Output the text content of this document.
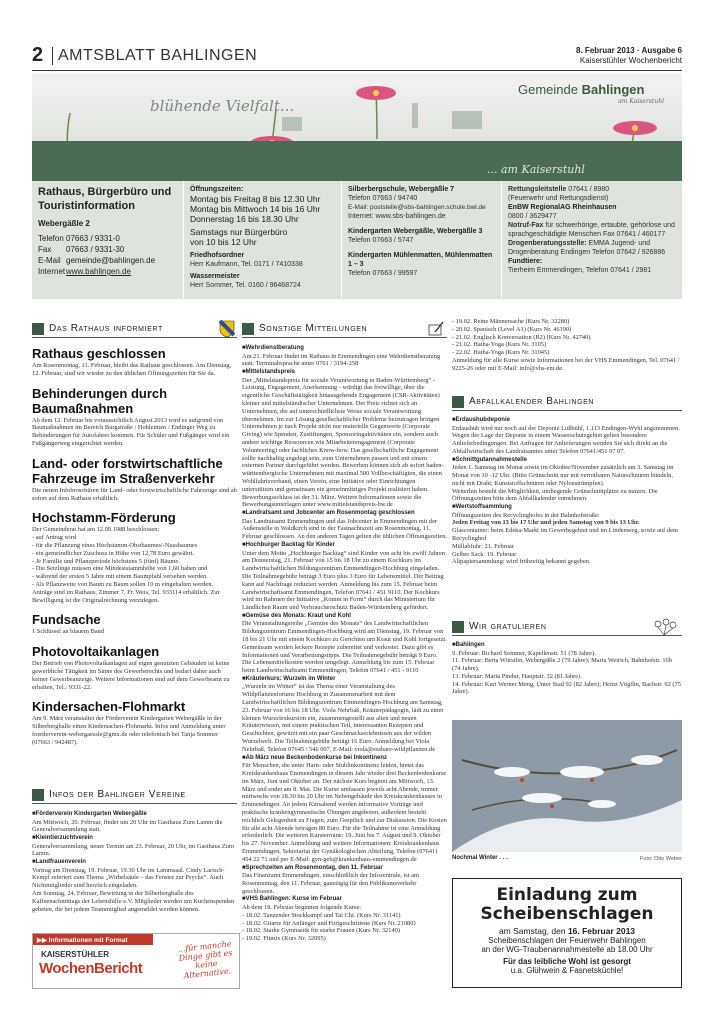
2 AMTSBLATT BAHLINGEN	8. Februar 2013 · Ausgabe 6
Kaiserstühler Wochenbericht
blühende Vielfalt...
... am Kaiserstuhl
Gemeinde Bahlingen
am Kaiserstuhl
Rathaus, Bürgerbüro und Touristinformation
Webergäßle 2
Telefon 07663 / 9331-0
Fax	07663 / 9331-30
E-Mail gemeinde@bahlingen.de
Internet www.bahlingen.de
Öffnungszeiten:
Montag bis Freitag 8 bis 12.30 Uhr
Montag bis Mittwoch 14 bis 16 Uhr
Donnerstag 16 bis 18.30 Uhr
Samstags nur Bürgerbüro
von 10 bis 12 Uhr
Friedhofsordner
Herr Kaufmann, Tel. 0171 / 7410338
Wassermeister
Herr Sommer, Tel. 0160 / 96468724
Silberbergschule, Webergäßle 7
Telefon 07663 / 94740
E-Mail: poststelle@sbs-bahlingen.schule.bwl.de
Internet: www.sbs-bahlingen.de
Kindergarten Webergäßle, Webergäßle 3
Telefon 07663 / 5747
Kindergarten Mühlenmatten, Mühlenmatten 1 – 3
Telefon 07663 / 99597
Rettungsleitstelle 07641 / 8980
(Feuerwehr und Rettungsdienst)
EnBW RegionalAG Rheinhausen
0800 / 3629477
Notruf-Fax für schwerhörige, ertaubte, gehörlose und sprachgeschädigte Menschen Fax 07641 / 460177
Drogenberatungsstelle: EMMA Jugend- und Drogenberatung Endingen Telefon 07642 / 926886
Fundtiere:
Tierheim Emmendingen, Telefon 07641 / 2981
Das Rathaus informiert	Sonstige Mitteilungen
Infos der Bahlinger Vereine
Abfallkalender Bahlingen
Wir gratulieren
Rathaus geschlossen
Am Rosenmontag, 11. Februar, bleibt das Rathaus geschlossen. Am Dienstag, 12. Februar, sind wir wieder zu den üblichen Öffnungszeiten für Sie da.
Behinderungen durch Baumaßnahmen
Ab dem 12. Februar bis voraussichtlich August 2013 wird es aufgrund von Baumaßnahmen im Bereich Burgstraße / Hohleimen / Endinger Weg zu Behinderungen für Autofahrer kommen. Für Schüler und Fußgänger wird ein Fußgängerweg eingerichtet werden.
Land- oder forstwirtschaftliche Fahrzeuge im Straßenverkehr
Die neuen Infobroschüren für Land- oder forstwirtschaftliche Fahrzeuge sind ab sofort auf dem Rathaus erhältlich.
Hochstamm-Förderung
Der Gemeinderat hat am 12.09.1988 beschlossen:
- auf Antrag wird
- für die Pflanzung eines Hochstamm-Obstbaumes/-Nussbaumes
- ein gemeindlicher Zuschuss in Höhe von 12,78 Euro gewährt.
- Je Familie und Pflanzperiode höchstens 5 (fünf) Bäume.
- Die Setzlinge müssen eine Mindeststammhöhe von 1,60 haben und
- während der ersten 5 Jahre mit einem Baumpfahl versehen werden.
- Als Pflanzweite von Baum zu Baum sollen 10 m eingehalten werden.
Anträge sind im Rathaus, Zimmer 7, Fr. Weis, Tel. 933114 erhältlich. Zur Bewilligung ist die Originalrechnung vorzulegen.
Fundsache
1 Schlüssel an blauem Band
Photovoltaikanlagen
Der Betrieb von Photovoltaikanlagen auf eigen genutzten Gebäuden ist keine gewerbliche Tätigkeit im Sinne des Gewerberechts und bedarf daher auch keiner Gewerbeanzeige. Weitere Informationen sind auf dem Gewerbeamt zu erhalten, Tel.: 9331-22.
Kindersachen-Flohmarkt
Am 9. März veranstaltet der Förderverein Kindergarten Webergäßle in der Silberberghalle einen Kindersachen-Flohmarkt. Infos und Anmeldung unter foerderverein-webergaessle@gmx.de oder telefonisch bei Tanja Sommer (07663 / 942487).
■ Förderverein Kindergarten Webergäßle
Am Mittwoch, 20. Februar, findet um 20 Uhr im Gasthaus Zum Lamm die Generalversammlung statt.
■ Kleintierzuchtverein
Generalversammlung, neuer Termin am 23. Februar, 20 Uhr, im Gasthaus Zum Lamm.
■ Landfrauenverein
Vortrag am Dienstag, 19. Februar, 19.30 Uhr im Lammsaal. Cindy Larisch-Kempf referiert zum Thema „Wirbelsäule – das Fenster zur Psyche“. Auch Nichtmitglieder sind herzlich eingeladen.
Am Sonntag, 24. Februar, Bewirtung in der Silberberghalle des Kaffeenachmittags der Lebenshilfe e.V. Mitglieder werden um Kuchenspenden gebeten, die bei jedem Teammitglied angemeldet werden können.
▶▶ Informationen mit Format
KAISERSTÜHLER
WochenBericht
...für manche Dinge gibt es keine Alternative.
■ Wehrdienstberatung
Am 21. Februar findet im Rathaus in Emmendingen eine Wehrdienstberatung statt. Terminabsprache unter 0761 / 3194-258
■ Mittelstandspreis
Der „Mittelstandspreis für soziale Verantwortung in Baden-Württemberg“ - Leistung, Engagement, Anerkennung - würdigt das freiwillige, über die eigentliche Geschäftstätigkeit hinausgehende Engagement (CSR-Aktivitäten) kleiner und mittelständischer Unternehmen. Der Preis richtet sich an Unternehmen, die auf unterschiedlichste Weise soziale Verantwortung übernehmen. Im zur Lösung gesellschaftlicher Probleme beizutragen bringen Unternehmen je nach Projekt nicht nur materielle Gegenwerte (Corporate Giving) wie Spenden, Zustiftungen, Sponsoringaktivitäten ein, sondern auch andere wichtige Ressourcen wie Mitarbeiterengagement (Corporate Volunteering) oder fachliches Know-how. Das gesellschaftliche Engagement sollte nachhaltig angelegt sein, zum Unternehmen passen und mit einem externen Partner durchgeführt werden. Bewerben können sich ab sofort baden-württembergische Unternehmen mit maximal 500 Vollbeschäftigten, die einen Wohlfahrtsverband, einen Verein, eine Initiative oder Einrichtungen unterstützen und gemeinsam ein gemeinnütziges Projekt realisiert haben. Bewerbungsschluss ist der 31. März. Weitere Informationen sowie die Bewerbungsunterlagen unter www.mittelstandspreis-bw.de
■ Landratsamt und Jobcenter am Rosenmontag geschlossen
Das Landratsamt Emmendingen und das Jobcenter in Emmendingen mit der Außenstelle in Waldkirch sind in der Fastnachtszeit am Rosenmontag, 11. Februar geschlossen. An den anderen Tagen gelten die üblichen Öffnungszeiten.
■ Hochburger Backtag für Kinder
Unter dem Motto „Hochburger Backtag“ sind Kinder von acht bis zwölf Jahren am Donnerstag, 21. Februar von 15 bis 18 Uhr zu einem Kochkurs im Landwirtschaftlichen Bildungszentrum Emmendingen-Hochburg eingeladen. Die Teilnahmegebühr beträgt 3 Euro plus 3 Euro für Lebensmittel. Der Beitrag kann auf Nachfrage reduziert werden. Anmeldung bis zum 15. Februar beim Landwirtschaftsamt Emmendingen, Telefon 07641 / 451 9110. Der Kochkurs wird im Rahmen der Initiative „Komm in Form“ durch das Ministerium für Ländlichen Raum und Verbraucherschutz Baden-Württemberg gefördert.
■ Gemüse des Monats: Kraut und Kohl
Die Veranstaltungsreihe „Gemüse des Monats“ des Landwirtschaftlichen Bildungszentrum Emmendingen-Hochburg wird am Dienstag, 19. Februar von 18 bis 21 Uhr mit einem Kochkurs zu Gerichten um Kraut und Kohl fortgesetzt. Gemeinsam werden leckere Rezepte zubereitet und verkostet. Dazu gibt es Informationen und Verarbeitungstipps. Die Teilnahmegebühr beträgt 9 Euro. Die Lebensmittelkosten werden umgelegt. Anmeldung bis zum 15. Februar beim Landwirtschaftsamt Emmendingen, Telefon 07641 / 451 - 9110
■ Kräuterkurs: Wurzeln im Winter
„Wurzeln im Winter“ ist das Thema einer Veranstaltung des Wildpflanzenforums Hochburg in Zusammenarbeit mit dem Landwirtschaftlichen Bildungszentrum Emmendingen-Hochburg am Samstag, 23. Februar von 16 bis 18 Uhr. Viola Nehrbaß, Kräuterpädagogin, lädt zu einer kleinen Wurzelexkursion ein, zusammengestellt aus alten und neuen Kräuterwissen, mit einem praktischen Teil, interessanten Rezepten und Geschichten, gewürzt mit ein paar Geschmackserlebnissen aus der wilden Wurzelwelt. Die Teilnahmegebühr beträgt 16 Euro. Anmeldung bei Viola Nehrbaß, Telefon 07645 / 546 007, E-Mail: viola@essbare-wildpflanzen.de
■ Ab März neue Beckenbodenkurse bei Inkontinenz
Für Menschen, die unter Harn- oder Stuhlinkontinenz leiden, bietet das Kreiskrankenhaus Emmendingen in diesem Jahr wieder drei Beckenbodenkurse im März, Juni und Oktober an. Der nächste Kurs beginnt am Mittwoch, 13. März und endet am 8. Mai. Die Kurse umfassen jeweils acht Abende, immer mittwochs von 18.30 bis 20 Uhr im Nebengebäude des Kreiskrankenhauses in Emmendingen. An jedem Kursabend werden informative Vorträge und praktische krankengymnastische Übungen angeboten, außerdem besteht reichlich Gelegenheit zu Fragen, zum Gespräch und zur Diskussion. Die Kosten für alle acht Abende betragen 80 Euro. Für die Teilnahme ist eine Anmeldung erforderlich. Die weiteren Kurstermine: 19. Juni bis 7. August und 9. Oktober bis 27. November. Anmeldung und weitere Informationen: Kreiskrankenhaus Emmendingen, Sekretariat der Gynäkologischen Abteilung, Telefon (07641) 454 22 71 und per E-Mail: gyn-geb@krankenhaus-emmendingen.de
■ Sprechzeiten am Rosenmontag, den 11. Februar
Das Finanzamt Emmendingen, einschließlich der Infozentrale, ist am Rosenmontag, den 11. Februar, ganztägig für den Publikumsverkehr geschlossen.
■ VHS Bahlingen: Kurse im Februar
Ab dem 18. Februar beginnen folgende Kurse:
- 18.02. Tanzender Stockkampf und Tai Chi. (Kurs Nr. 31141)
- 18.02. Gitarre für Anfänger und Fortgeschrittene (Kurs Nr. 21080)
- 18.02. Starke Gymnastik für starke Frauen (Kurs Nr. 32140)
- 19.02. Fitmix (Kurs Nr. 32095)
- 19.02. Reine Männersache (Kurs Nr. 32280)
- 20.02. Spanisch (Level A1) (Kurs Nr. 46190)
- 21.02. Englisch Konversation (B2) (Kurs Nr. 42740)
- 21.02. Hatha-Yoga (Kurs Nr. 3105)
- 22.02. Hatha-Yoga (Kurs Nr. 31045)
Anmeldung für alle Kurse sowie Informationen bei der VHS Emmendingen, Tel. 07641 / 9225-26 oder mit E-Mail: info@vhs-em.de.
■ Erdaushubdeponie
Erdaushub wird nur noch auf der Deponie Lußbühl, 1.113 Endingen-Wyhl angenommen.
Wegen der Lage der Deponie in einem Wasserschutzgebiet gelten besondere Anlieferbedingungen. Bei Anfragen für Anlieferungen wenden Sie sich direkt an die Abfallwirtschaft des Landratsamtes unter Telefon 07641/451 97 07.
■ Schnittgutannahmestelle
Jeden 1. Samstag im Monat sowie im Oktober/November zusätzlich am 3. Samstag im Monat von 10 -12 Uhr. (Bitte Grünschnitt nur mit verrotbaren Naturschnüren bündeln, nicht mit Draht, Kunststoffschnüren oder Nylonstrümpfen).
Weiterhin besteht die Möglichkeit, umliegende Grünschnittplätze zu nutzen. Die Öffnungszeiten bitte dem Abfallkalender entnehmen.
■ Wertstoffsammlung
Öffnungszeiten des Recyclinghofes in der Bahnhofstraße:
Jeden Freitag von 13 bis 17 Uhr und jeden Samstag von 9 bis 13 Uhr.
Glascontainer: beim Edeka-Markt im Gewerbegebiet und im Lindenweg, sowie auf dem Recyclinghof
Müllabfuhr: 21. Februar
Gelber Sack: 19. Februar
Altpapiersammlung: wird frühzeitig bekannt gegeben.
■ Bahlingen
9. Februar: Richard Sommer, Kapellenstr. 51 (78 Jahre).
11. Februar: Berta Würstlin, Webergäßle 2 (79 Jahre); Maria Weirich, Bahnhofstr. 16b (74 Jahre).
13. Februar: Maria Pindur, Hauptstr. 32 (81 Jahre).
14. Februar: Kurt Werner Meng, Unter Stad 92 (82 Jahre); Heinz Vögtlin, Bachstr. 92 (75 Jahre).
Nochmal Winter . . .	Foto: Otto Weber
Einladung zum
Scheibenschlagen
am Samstag, den 16. Februar 2013
Scheibenschlagen der Feuerwehr Bahlingen
an der WG-Traubenannahmestelle ab 18.00 Uhr
Für das leibliche Wohl ist gesorgt
u.a. Glühwein & Fasnetsküchle!
